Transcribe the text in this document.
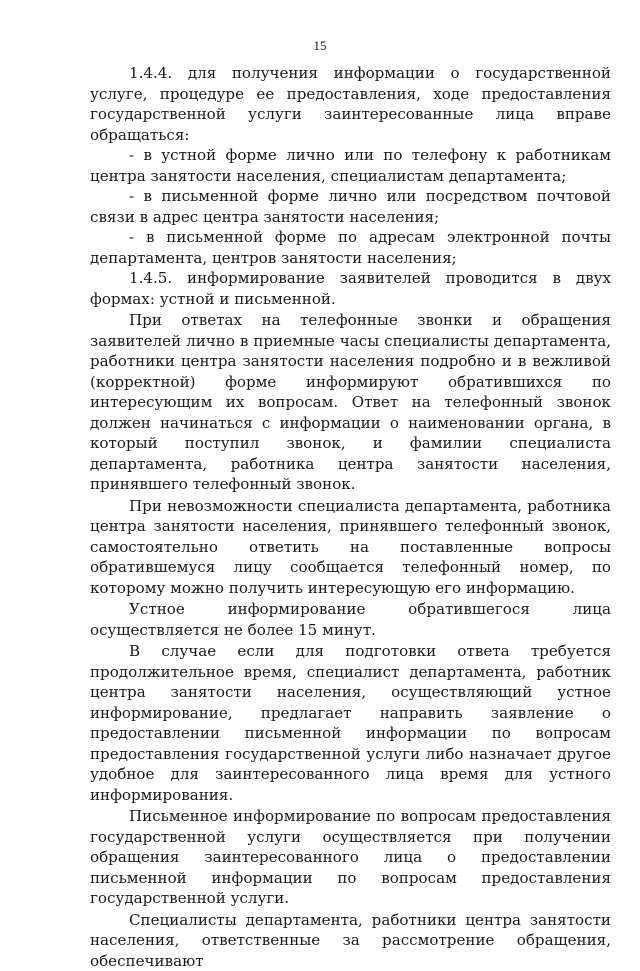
15

1.4.4. для получения информации о государственной услуге, процедуре ее предоставления, ходе предоставления государственной услуги заинтересованные лица вправе обращаться:

- в устной форме лично или по телефону к работникам центра занятости населения, специалистам департамента;

- в письменной форме лично или посредством почтовой связи в адрес центра занятости населения;

- в письменной форме по адресам электронной почты департамента, центров занятости населения;

1.4.5. информирование заявителей проводится в двух формах: устной и письменной.

При ответах на телефонные звонки и обращения заявителей лично в приемные часы специалисты департамента, работники центра занятости населения подробно и в вежливой (корректной) форме информируют обратившихся по интересующим их вопросам. Ответ на телефонный звонок должен начинаться с информации о наименовании органа, в который поступил звонок, и фамилии специалиста департамента, работника центра занятости населения, принявшего телефонный звонок.

При невозможности специалиста департамента, работника центра занятости населения, принявшего телефонный звонок, самостоятельно ответить на поставленные вопросы обратившемуся лицу сообщается телефонный номер, по которому можно получить интересующую его информацию.

Устное информирование обратившегося лица осуществляется не более 15 минут.

В случае если для подготовки ответа требуется продолжительное время, специалист департамента, работник центра занятости населения, осуществляющий устное информирование, предлагает направить заявление о предоставлении письменной информации по вопросам предоставления государственной услуги либо назначает другое удобное для заинтересованного лица время для устного информирования.

Письменное информирование по вопросам предоставления государственной услуги осуществляется при получении обращения заинтересованного лица о предоставлении письменной информации по вопросам предоставления государственной услуги.

Специалисты департамента, работники центра занятости населения, ответственные за рассмотрение обращения, обеспечивают
